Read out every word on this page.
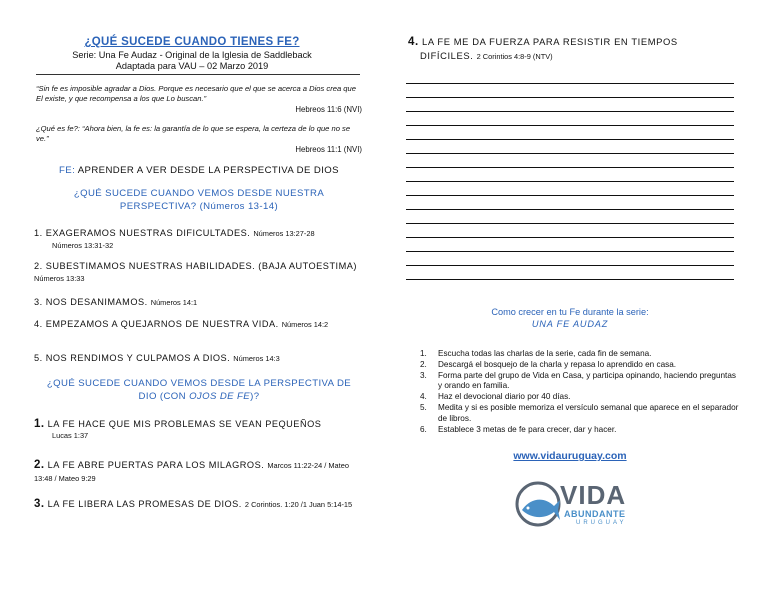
¿QUÉ SUCEDE CUANDO TIENES FE?
Serie: Una Fe Audaz - Original de la Iglesia de Saddleback
Adaptada para VAU – 02 Marzo 2019
“Sin fe es imposible agradar a Dios. Porque es necesario que el que se acerca a Dios crea que El existe, y que recompensa a los que Lo buscan.”
Hebreos 11:6 (NVI)
¿Qué es fe?: “Ahora bien, la fe es: la garantía de lo que se espera, la certeza de lo que no se ve.”
Hebreos 11:1 (NVI)
FE: APRENDER A VER DESDE LA PERSPECTIVA DE DIOS
¿QUÉ SUCEDE CUANDO VEMOS DESDE NUESTRA
PERSPECTIVA? (Números 13-14)
1. EXAGERAMOS NUESTRAS DIFICULTADES. Números 13:27-28
Números 13:31-32
2. SUBESTIMAMOS NUESTRAS HABILIDADES. (BAJA AUTOESTIMA) Números 13:33
3. NOS DESANIMAMOS. Números 14:1
4. EMPEZAMOS A QUEJARNOS DE NUESTRA VIDA. Números 14:2
5. NOS RENDIMOS Y CULPAMOS A DIOS. Números 14:3
¿QUÉ SUCEDE CUANDO VEMOS DESDE LA PERSPECTIVA DE
DIO (CON OJOS DE FE)?
1. LA FE HACE QUE MIS PROBLEMAS SE VEAN PEQUEÑOS
Lucas 1:37
2. LA FE ABRE PUERTAS PARA LOS MILAGROS. Marcos 11:22-24 / Mateo 13:48 / Mateo 9:29
3. LA FE LIBERA LAS PROMESAS DE DIOS. 2 Corintios. 1:20 /1 Juan 5:14-15
4. LA FE ME DA FUERZA PARA RESISTIR EN TIEMPOS
DIFÍCILES. 2 Corintios 4:8-9 (NTV)
Como crecer en tu Fe durante la serie:
UNA FE AUDAZ
1.	Escucha todas las charlas de la serie, cada fin de semana.
2.	Descargá el bosquejo de la charla y repasa lo aprendido en casa.
3.	Forma parte del grupo de Vida en Casa, y participa opinando, haciendo preguntas y orando en familia.
4.	Haz el devocional diario por 40 días.
5.	Medita y si es posible memoriza el versículo semanal que aparece en el separador de libros.
6.	Establece 3 metas de fe para crecer, dar y hacer.
www.vidauruguay.com
VIDA
ABUNDANTE
URUGUAY
